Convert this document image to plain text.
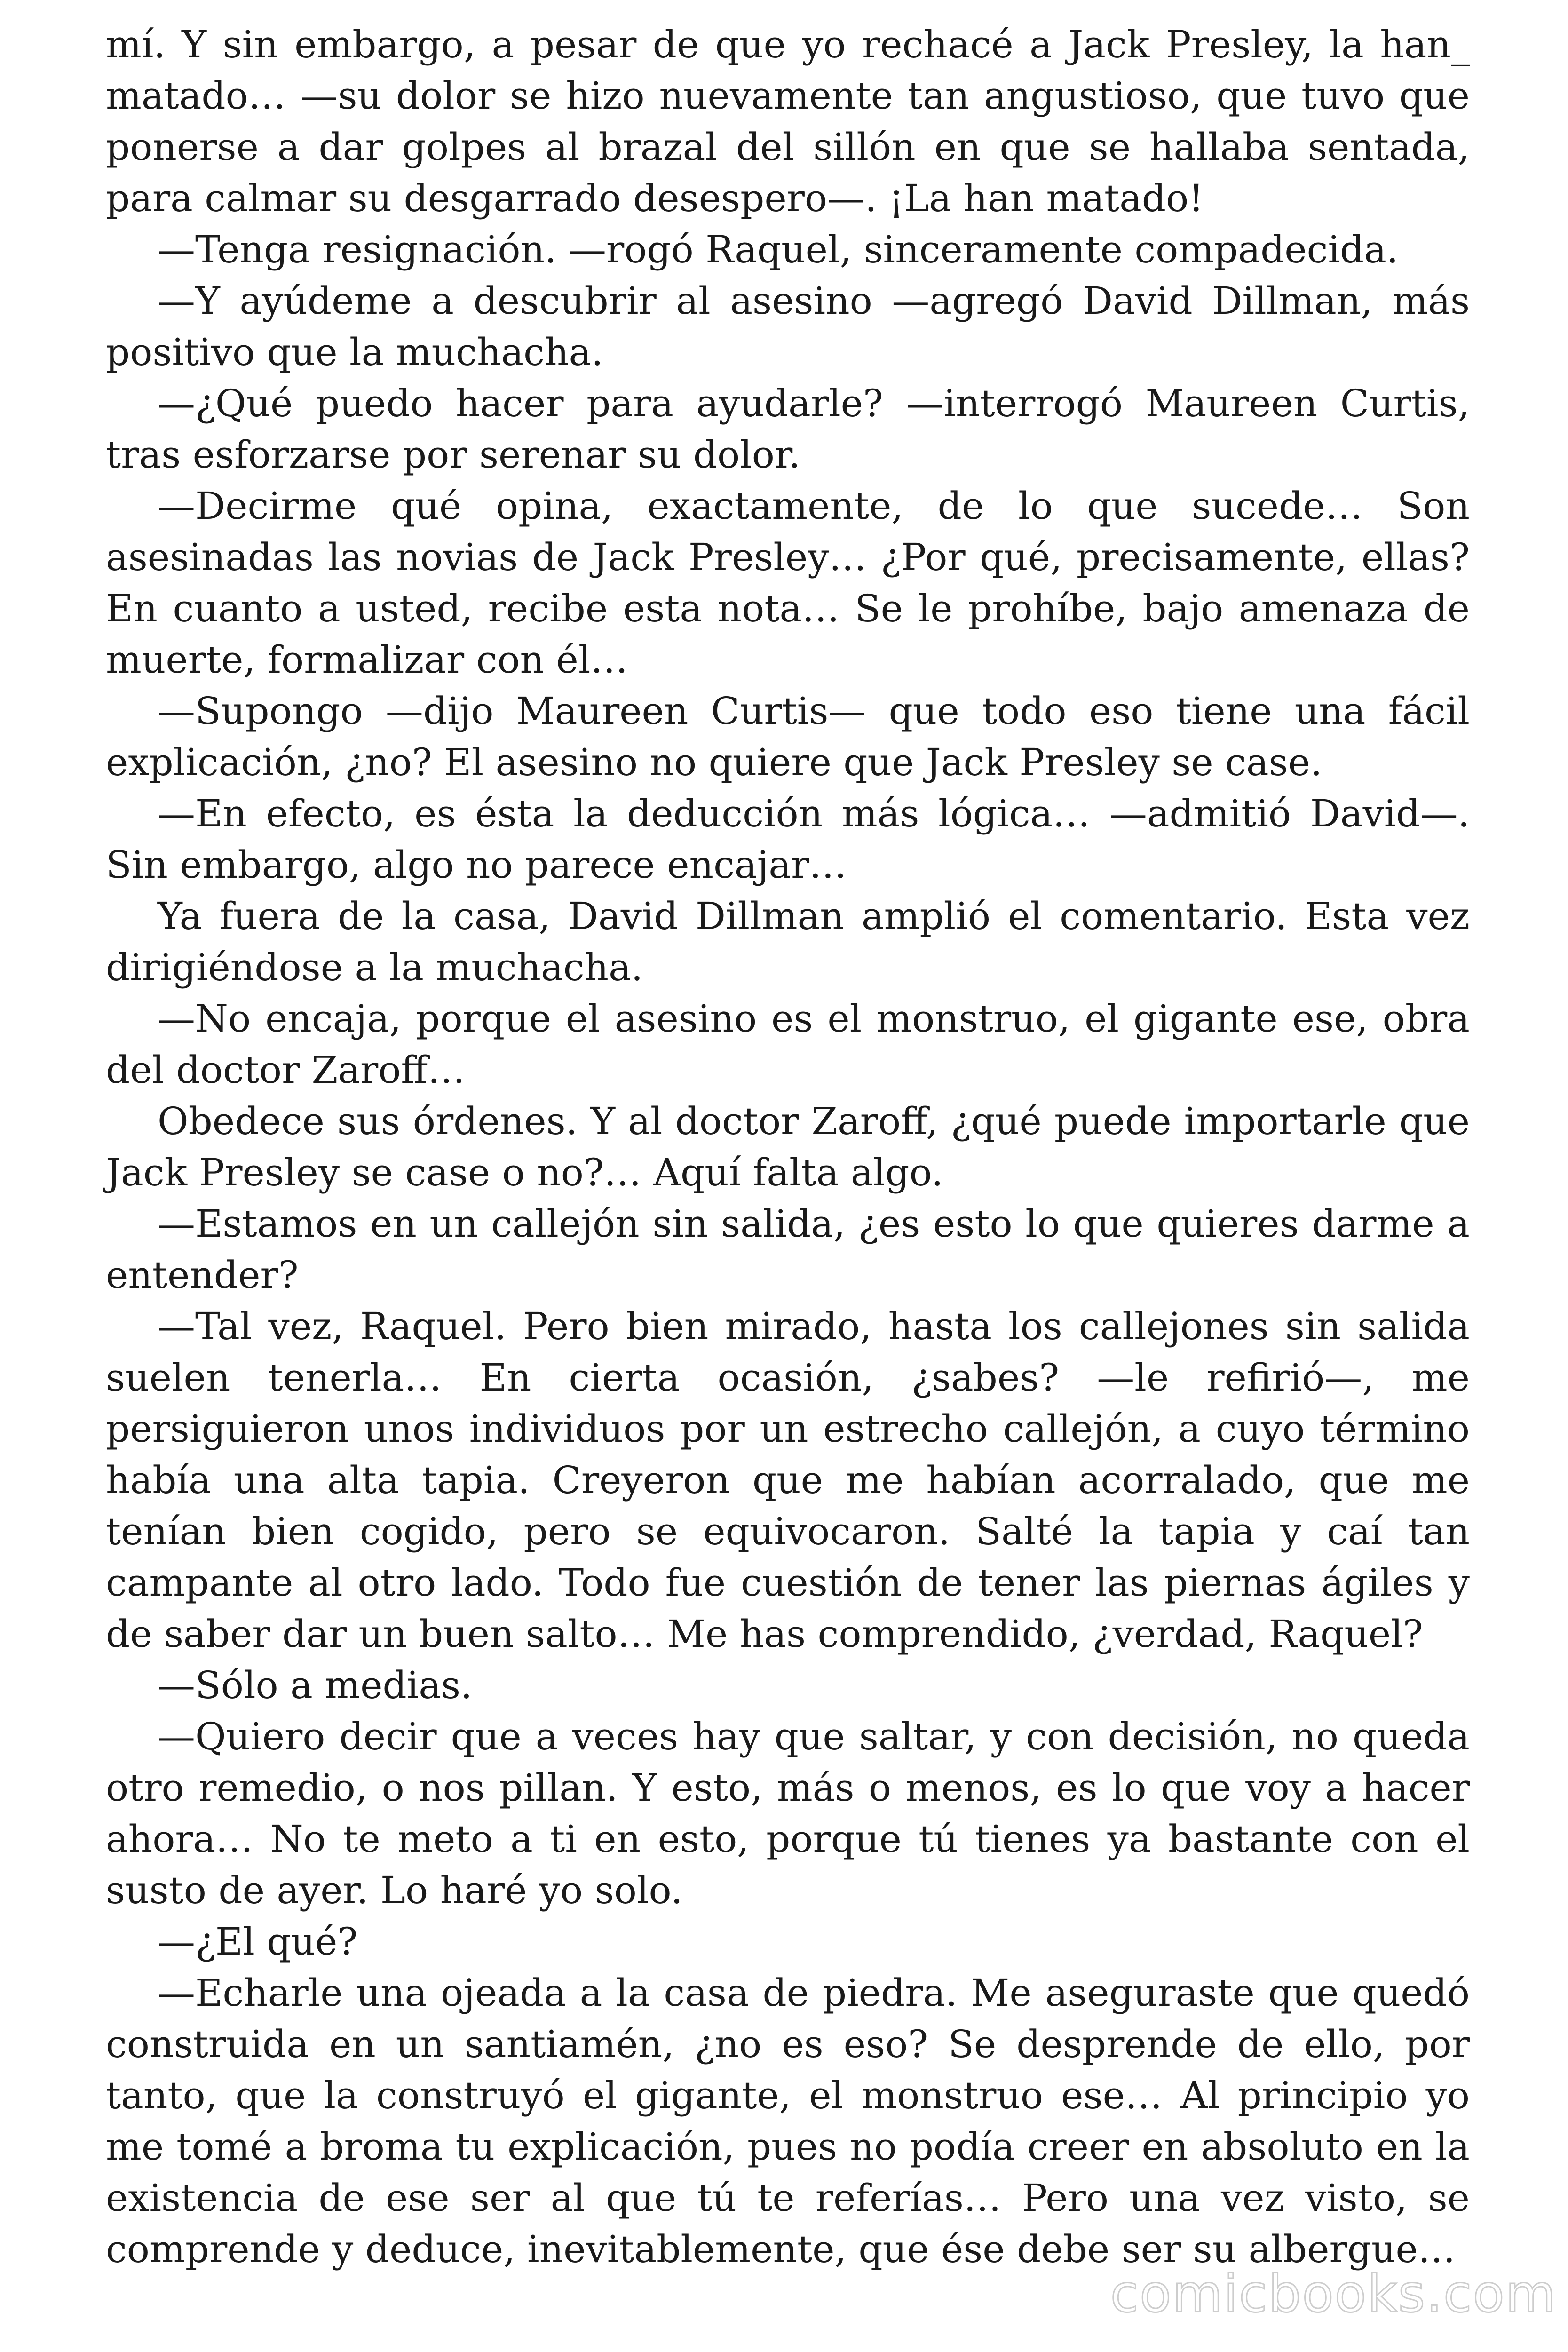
mí. Y sin embargo, a pesar de que yo rechacé a Jack Presley, la han_ matado… —su dolor se hizo nuevamente tan angustioso, que tuvo que ponerse a dar golpes al brazal del sillón en que se hallaba sentada, para calmar su desgarrado desespero—. ¡La han matado!

—Tenga resignación. —rogó Raquel, sinceramente compadecida.

—Y ayúdeme a descubrir al asesino —agregó David Dillman, más positivo que la muchacha.

—¿Qué puedo hacer para ayudarle? —interrogó Maureen Curtis, tras esforzarse por serenar su dolor.

—Decirme qué opina, exactamente, de lo que sucede… Son asesinadas las novias de Jack Presley… ¿Por qué, precisamente, ellas? En cuanto a usted, recibe esta nota… Se le prohíbe, bajo amenaza de muerte, formalizar con él…

—Supongo —dijo Maureen Curtis— que todo eso tiene una fácil explicación, ¿no? El asesino no quiere que Jack Presley se case.

—En efecto, es ésta la deducción más lógica… —admitió David—. Sin embargo, algo no parece encajar…

Ya fuera de la casa, David Dillman amplió el comentario. Esta vez dirigiéndose a la muchacha.

—No encaja, porque el asesino es el monstruo, el gigante ese, obra del doctor Zaroff…

Obedece sus órdenes. Y al doctor Zaroff, ¿qué puede importarle que Jack Presley se case o no?… Aquí falta algo.

—Estamos en un callejón sin salida, ¿es esto lo que quieres darme a entender?

—Tal vez, Raquel. Pero bien mirado, hasta los callejones sin salida suelen tenerla… En cierta ocasión, ¿sabes? —le refirió—, me persiguieron unos individuos por un estrecho callejón, a cuyo término había una alta tapia. Creyeron que me habían acorralado, que me tenían bien cogido, pero se equivocaron. Salté la tapia y caí tan campante al otro lado. Todo fue cuestión de tener las piernas ágiles y de saber dar un buen salto… Me has comprendido, ¿verdad, Raquel?

—Sólo a medias.

—Quiero decir que a veces hay que saltar, y con decisión, no queda otro remedio, o nos pillan. Y esto, más o menos, es lo que voy a hacer ahora… No te meto a ti en esto, porque tú tienes ya bastante con el susto de ayer. Lo haré yo solo.

—¿El qué?

—Echarle una ojeada a la casa de piedra. Me aseguraste que quedó construida en un santiamén, ¿no es eso? Se desprende de ello, por tanto, que la construyó el gigante, el monstruo ese… Al principio yo me tomé a broma tu explicación, pues no podía creer en absoluto en la existencia de ese ser al que tú te referías… Pero una vez visto, se comprende y deduce, inevitablemente, que ése debe ser su albergue…

comicbooks.com
